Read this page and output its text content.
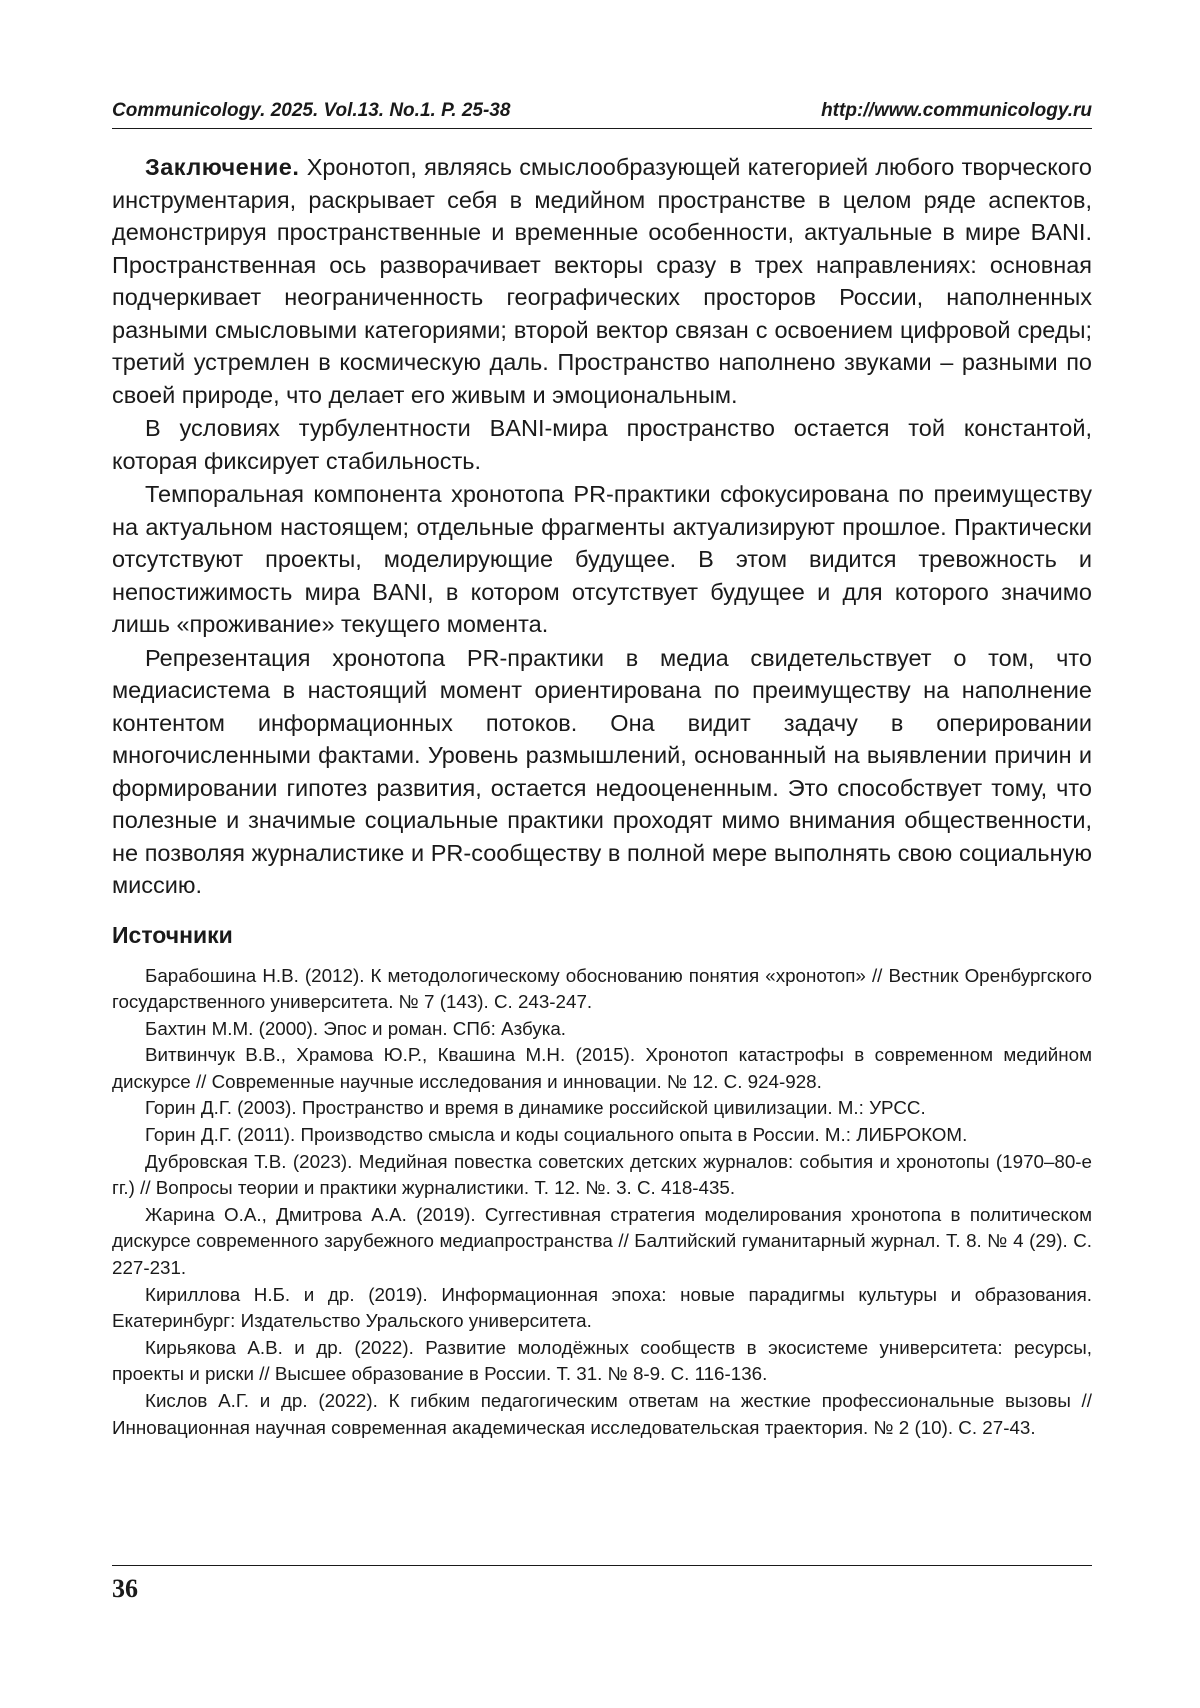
Communicology. 2025. Vol.13. No.1. P. 25-38	http://www.communicology.ru

Заключение. Хронотоп, являясь смыслообразующей категорией любого творческого инструментария, раскрывает себя в медийном пространстве в целом ряде аспектов, демонстрируя пространственные и временные особенности, актуальные в мире BANI. Пространственная ось разворачивает векторы сразу в трех направлениях: основная подчеркивает неограниченность географических просторов России, наполненных разными смысловыми категориями; второй вектор связан с освоением цифровой среды; третий устремлен в космическую даль. Пространство наполнено звуками – разными по своей природе, что делает его живым и эмоциональным.

В условиях турбулентности BANI-мира пространство остается той константой, которая фиксирует стабильность.

Темпоральная компонента хронотопа PR-практики сфокусирована по преимуществу на актуальном настоящем; отдельные фрагменты актуализируют прошлое. Практически отсутствуют проекты, моделирующие будущее. В этом видится тревожность и непостижимость мира BANI, в котором отсутствует будущее и для которого значимо лишь «проживание» текущего момента.

Репрезентация хронотопа PR-практики в медиа свидетельствует о том, что медиасистема в настоящий момент ориентирована по преимуществу на наполнение контентом информационных потоков. Она видит задачу в оперировании многочисленными фактами. Уровень размышлений, основанный на выявлении причин и формировании гипотез развития, остается недооцененным. Это способствует тому, что полезные и значимые социальные практики проходят мимо внимания общественности, не позволяя журналистике и PR-сообществу в полной мере выполнять свою социальную миссию.

Источники

Барабошина Н.В. (2012). К методологическому обоснованию понятия «хронотоп» // Вестник Оренбургского государственного университета. № 7 (143). С. 243-247.

Бахтин М.М. (2000). Эпос и роман. СПб: Азбука.

Витвинчук В.В., Храмова Ю.Р., Квашина М.Н. (2015). Хронотоп катастрофы в современном медийном дискурсе // Современные научные исследования и инновации. № 12. С. 924-928.

Горин Д.Г. (2003). Пространство и время в динамике российской цивилизации. М.: УРСС.

Горин Д.Г. (2011). Производство смысла и коды социального опыта в России. М.: ЛИБРОКОМ.

Дубровская Т.В. (2023). Медийная повестка советских детских журналов: события и хронотопы (1970–80-е гг.) // Вопросы теории и практики журналистики. Т. 12. №. 3. С. 418-435.

Жарина О.А., Дмитрова А.А. (2019). Суггестивная стратегия моделирования хронотопа в политическом дискурсе современного зарубежного медиапространства // Балтийский гуманитарный журнал. Т. 8. № 4 (29). С. 227-231.

Кириллова Н.Б. и др. (2019). Информационная эпоха: новые парадигмы культуры и образования. Екатеринбург: Издательство Уральского университета.

Кирьякова А.В. и др. (2022). Развитие молодёжных сообществ в экосистеме университета: ресурсы, проекты и риски // Высшее образование в России. Т. 31. № 8-9. С. 116-136.

Кислов А.Г. и др. (2022). К гибким педагогическим ответам на жесткие профессиональные вызовы // Инновационная научная современная академическая исследовательская траектория. № 2 (10). С. 27-43.

36
